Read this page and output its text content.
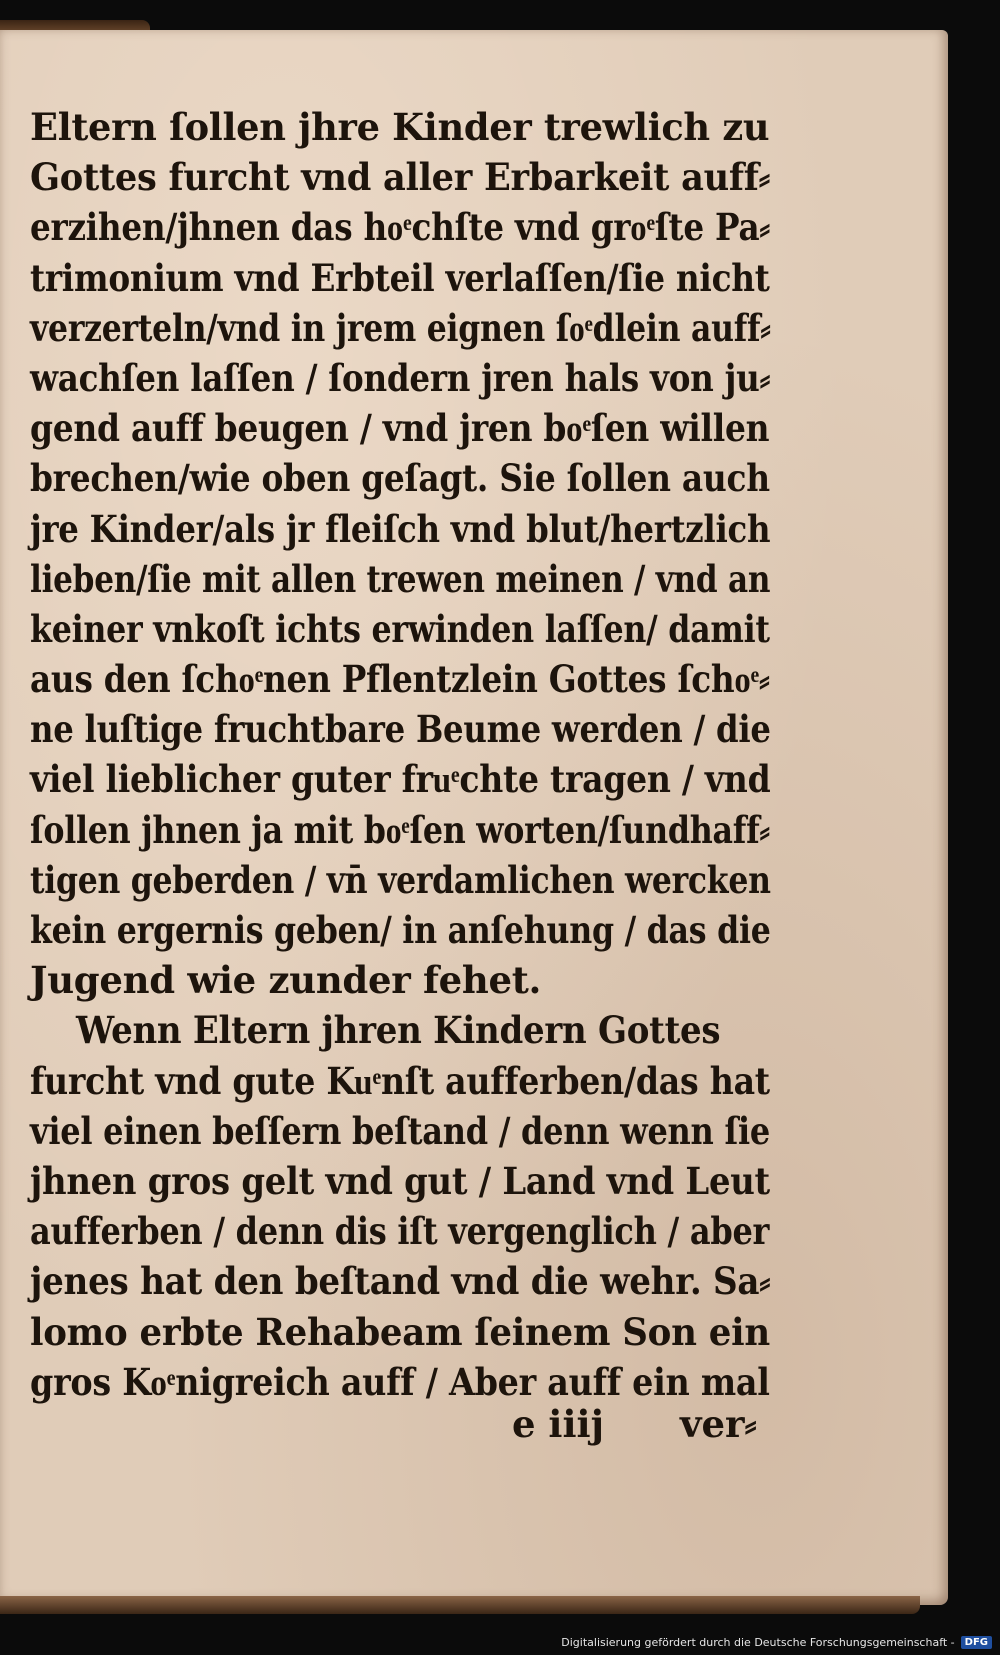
Eltern ſollen jhre Kinder trewlich zu
Gottes furcht vnd aller Erbarkeit auff⸗
erzihen/jhnen das hoͤchſte vnd groͤſte Pa⸗
trimonium vnd Erbteil verlaſſen/ſie nicht
verzerteln/vnd in jrem eignen ſoͤdlein auff⸗
wachſen laſſen / ſondern jren hals von ju⸗
gend auff beugen / vnd jren boͤſen willen
brechen/wie oben geſagt. Sie ſollen auch
jre Kinder/als jr fleiſch vnd blut/hertzlich
lieben/ſie mit allen trewen meinen / vnd an
keiner vnkoſt ichts erwinden laſſen/ damit
aus den ſchoͤnen Pflentzlein Gottes ſchoͤ⸗
ne luſtige fruchtbare Beume werden / die
viel lieblicher guter fruͤchte tragen / vnd
ſollen jhnen ja mit boͤſen worten/ſundhaff⸗
tigen geberden / vn̄ verdamlichen wercken
kein ergernis geben/ in anſehung / das die
Jugend wie zunder fehet.
Wenn Eltern jhren Kindern Gottes
furcht vnd gute Kuͤnſt aufferben/das hat
viel einen beſſern beſtand / denn wenn ſie
jhnen gros gelt vnd gut / Land vnd Leut
aufferben / denn dis iſt vergenglich / aber
jenes hat den beſtand vnd die wehr. Sa⸗
lomo erbte Rehabeam ſeinem Son ein
gros Koͤnigreich auff / Aber auff ein mal
e iiij ver⸗
Digitalisierung gefördert durch die Deutsche Forschungsgemeinschaft -	DFG
